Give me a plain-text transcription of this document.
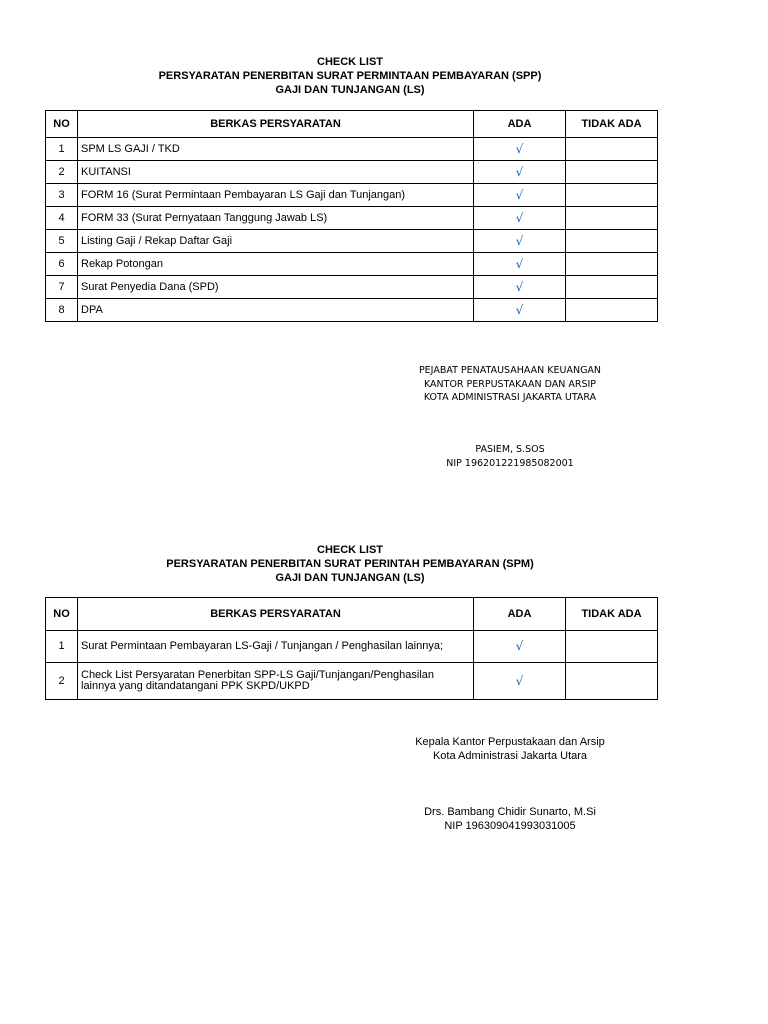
CHECK LIST
PERSYARATAN PENERBITAN SURAT PERMINTAAN PEMBAYARAN (SPP)
GAJI DAN TUNJANGAN (LS)
NO	BERKAS PERSYARATAN	ADA	TIDAK ADA
1	SPM LS GAJI / TKD	√	
2	KUITANSI	√	
3	FORM 16 (Surat Permintaan Pembayaran LS Gaji dan Tunjangan)	√	
4	FORM 33 (Surat Pernyataan Tanggung Jawab LS)	√	
5	Listing Gaji / Rekap Daftar Gaji	√	
6	Rekap Potongan	√	
7	Surat Penyedia Dana (SPD)	√	
8	DPA	√	
PEJABAT PENATAUSAHAAN KEUANGAN
KANTOR PERPUSTAKAAN DAN ARSIP
KOTA ADMINISTRASI JAKARTA UTARA
PASIEM, S.SOS
NIP 196201221985082001
CHECK LIST
PERSYARATAN PENERBITAN SURAT PERINTAH PEMBAYARAN (SPM)
GAJI DAN TUNJANGAN (LS)
NO	BERKAS PERSYARATAN	ADA	TIDAK ADA
1	Surat Permintaan Pembayaran LS-Gaji / Tunjangan / Penghasilan lainnya;	√	
2	Check List Persyaratan Penerbitan SPP-LS Gaji/Tunjangan/Penghasilan lainnya yang ditandatangani PPK SKPD/UKPD	√	
Kepala Kantor Perpustakaan dan Arsip
Kota Administrasi Jakarta Utara
Drs. Bambang Chidir Sunarto, M.Si
NIP 196309041993031005
